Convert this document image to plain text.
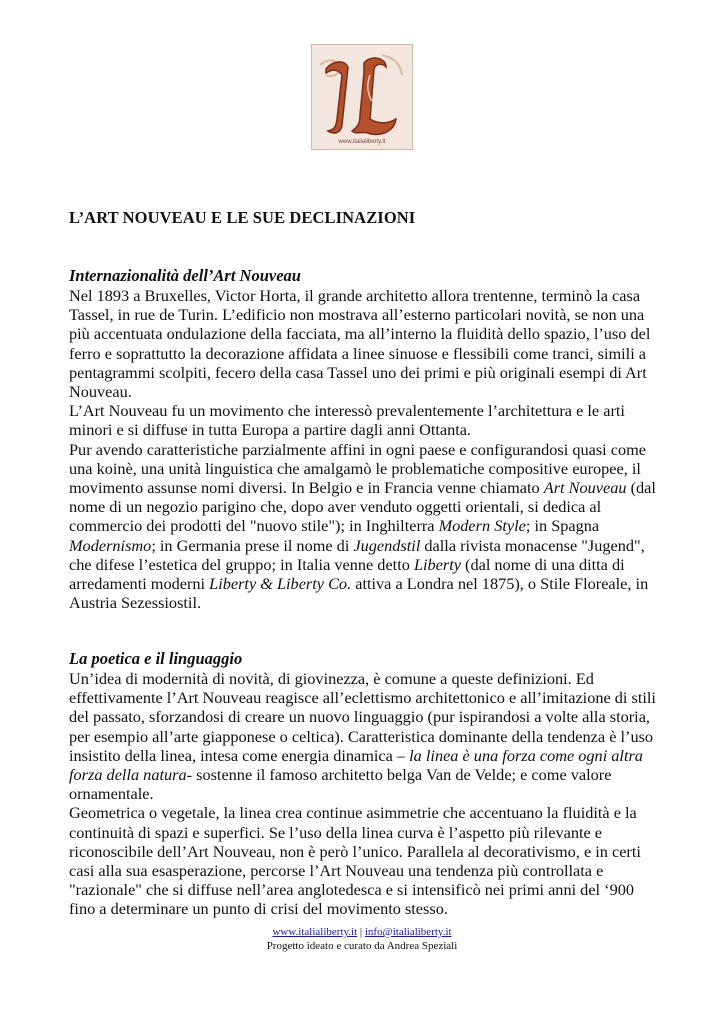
www.italialiberty.it
L’ART NOUVEAU E LE SUE DECLINAZIONI
Internazionalità dell’Art Nouveau

Nel 1893 a Bruxelles, Victor Horta, il grande architetto allora trentenne, terminò la casa Tassel, in rue de Turin. L’edificio non mostrava all’esterno particolari novità, se non una più accentuata ondulazione della facciata, ma all’interno la fluidità dello spazio, l’uso del ferro e soprattutto la decorazione affidata a linee sinuose e flessibili come tranci, simili a pentagrammi scolpiti, fecero della casa Tassel uno dei primi e più originali esempi di Art Nouveau.

L’Art Nouveau fu un movimento che interessò prevalentemente l’architettura e le arti minori e si diffuse in tutta Europa a partire dagli anni Ottanta.

Pur avendo caratteristiche parzialmente affini in ogni paese e configurandosi quasi come una koinè, una unità linguistica che amalgamò le problematiche compositive europee, il movimento assunse nomi diversi. In Belgio e in Francia venne chiamato Art Nouveau (dal nome di un negozio parigino che, dopo aver venduto oggetti orientali, si dedica al commercio dei prodotti del "nuovo stile"); in Inghilterra Modern Style; in Spagna Modernismo; in Germania prese il nome di Jugendstil dalla rivista monacense "Jugend", che difese l’estetica del gruppo; in Italia venne detto Liberty (dal nome di una ditta di arredamenti moderni Liberty & Liberty Co. attiva a Londra nel 1875), o Stile Floreale, in Austria Sezessiostil.

La poetica e il linguaggio

Un’idea di modernità di novità, di giovinezza, è comune a queste definizioni. Ed effettivamente l’Art Nouveau reagisce all’eclettismo architettonico e all’imitazione di stili del passato, sforzandosi di creare un nuovo linguaggio (pur ispirandosi a volte alla storia, per esempio all’arte giapponese o celtica). Caratteristica dominante della tendenza è l’uso insistito della linea, intesa come energia dinamica – la linea è una forza come ogni altra forza della natura- sostenne il famoso architetto belga Van de Velde; e come valore ornamentale.

Geometrica o vegetale, la linea crea continue asimmetrie che accentuano la fluidità e la continuità di spazi e superfici. Se l’uso della linea curva è l’aspetto più rilevante e riconoscibile dell’Art Nouveau, non è però l’unico. Parallela al decorativismo, e in certi casi alla sua esasperazione, percorse l’Art Nouveau una tendenza più controllata e "razionale" che si diffuse nell’area anglotedesca e si intensificò nei primi anni del ‘900 fino a determinare un punto di crisi del movimento stesso.

www.italialiberty.it | info@italialiberty.it
Progetto ideato e curato da Andrea Speziali
